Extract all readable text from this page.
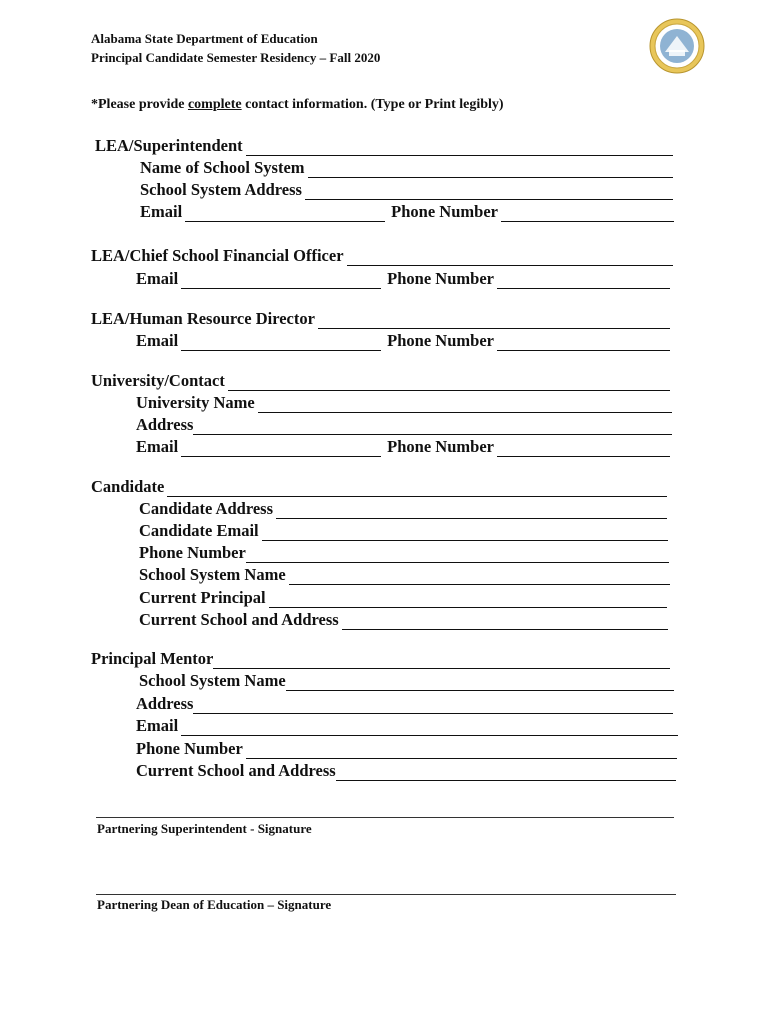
Alabama State Department of Education
Principal Candidate Semester Residency – Fall 2020
*Please provide complete contact information. (Type or Print legibly)
LEA/Superintendent
Name of School System
School System Address
Email	Phone Number
LEA/Chief School Financial Officer
Email	Phone Number
LEA/Human Resource Director
Email	Phone Number
University/Contact
University Name
Address
Email	Phone Number
Candidate
Candidate Address
Candidate Email
Phone Number
School System Name
Current Principal
Current School and Address
Principal Mentor
School System Name
Address
Email
Phone Number
Current School and Address
Partnering Superintendent - Signature
Partnering Dean of Education – Signature
